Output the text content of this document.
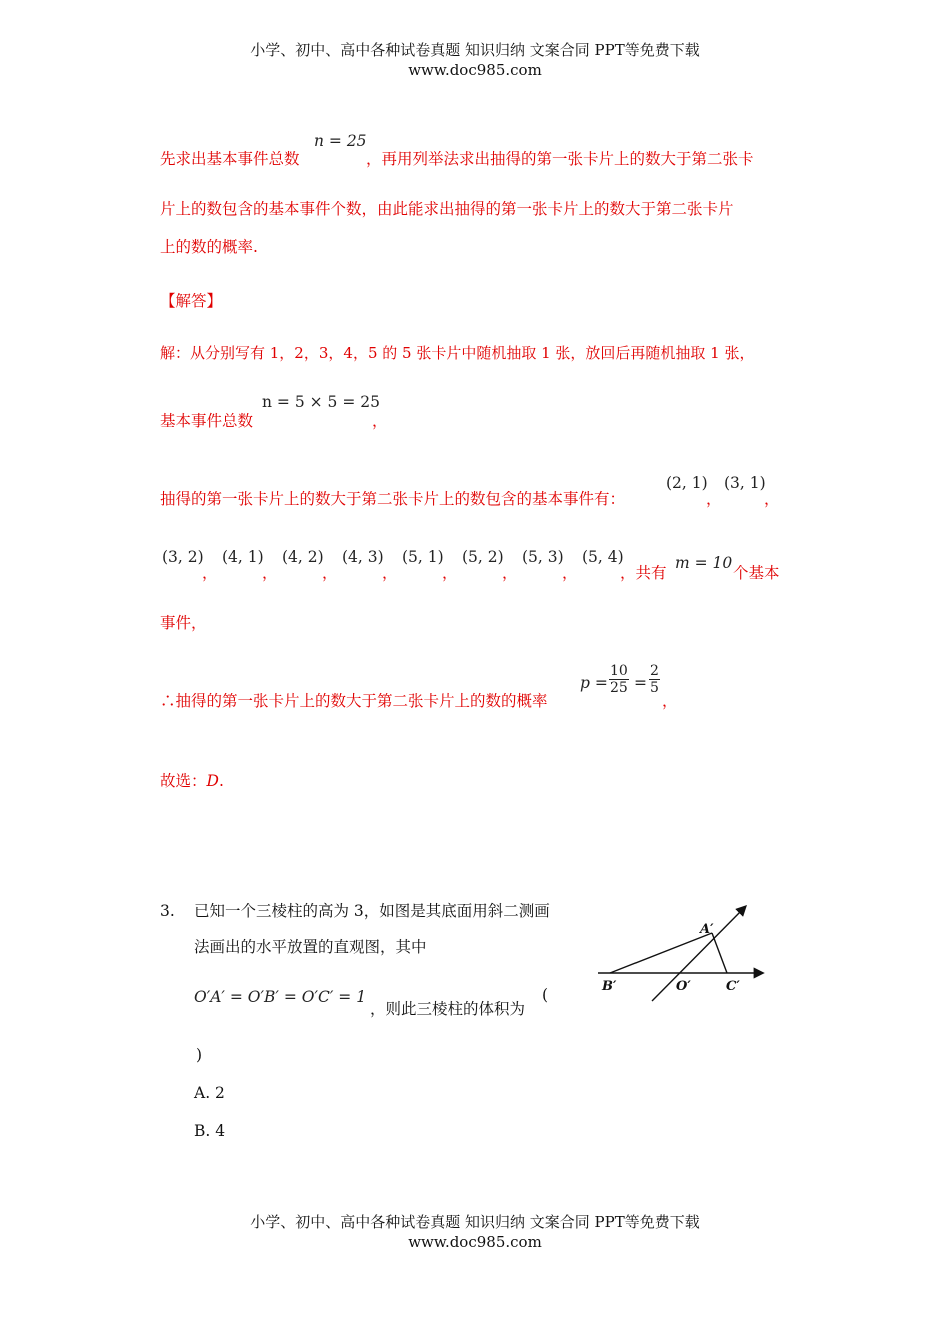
小学、初中、高中各种试卷真题 知识归纳 文案合同 PPT等免费下载
www.doc985.com
先求出基本事件总数
n = 25
，再用列举法求出抽得的第一张卡片上的数大于第二张卡
片上的数包含的基本事件个数，由此能求出抽得的第一张卡片上的数大于第二张卡片
上的数的概率.
【解答】
解：从分别写有 1，2，3，4，5 的 5 张卡片中随机抽取 1 张，放回后再随机抽取 1 张，
基本事件总数
n = 5 × 5 = 25
，
抽得的第一张卡片上的数大于第二张卡片上的数包含的基本事件有：
(2, 1)
，
(3, 1)
，
(3, 2)
，
(4, 1)
，
(4, 2)
，
(4, 3)
，
(5, 1)
，
(5, 2)
，
(5, 3)
，
(5, 4)
，共有
m = 10
个基本
事件，
∴抽得的第一张卡片上的数大于第二张卡片上的数的概率
$p = \frac{10}{25} = \frac{2}{5}$
，
故选：D.
3. 已知一个三棱柱的高为 3，如图是其底面用斜二测画
法画出的水平放置的直观图，其中
O′A′ = O′B′ = O′C′ = 1
，则此三棱柱的体积为
(
)
A. 2
B. 4
A′
B′	O′	C′
小学、初中、高中各种试卷真题 知识归纳 文案合同 PPT等免费下载
www.doc985.com
